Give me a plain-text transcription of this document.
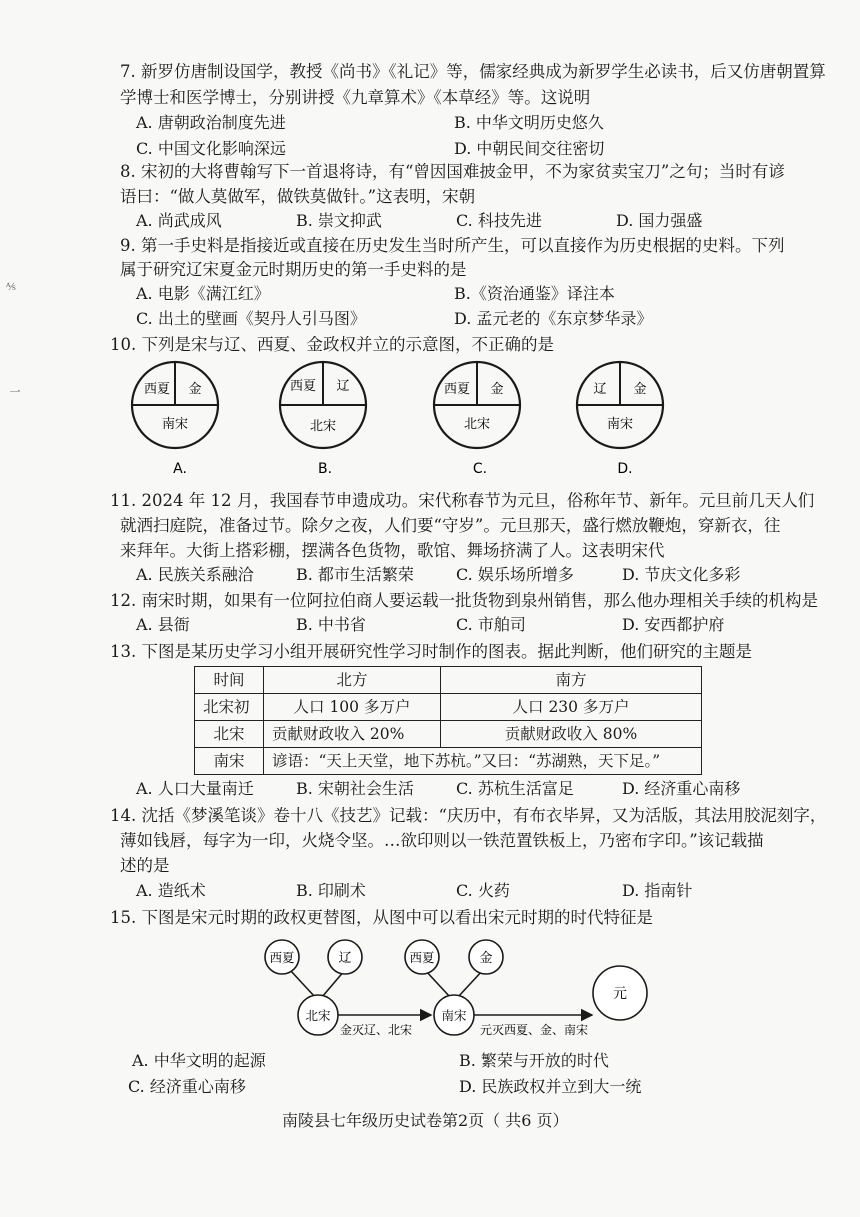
⅍
一
7. 新罗仿唐制设国学，教授《尚书》《礼记》等，儒家经典成为新罗学生必读书，后又仿唐朝置算
学博士和医学博士，分别讲授《九章算术》《本草经》等。这说明
A. 唐朝政治制度先进	B. 中华文明历史悠久
C. 中国文化影响深远	D. 中朝民间交往密切
8. 宋初的大将曹翰写下一首退将诗，有“曾因国难披金甲，不为家贫卖宝刀”之句；当时有谚
语曰：“做人莫做军，做铁莫做针。”这表明，宋朝
A. 尚武成风	B. 崇文抑武	C. 科技先进	D. 国力强盛
9. 第一手史料是指接近或直接在历史发生当时所产生，可以直接作为历史根据的史料。下列
属于研究辽宋夏金元时期历史的第一手史料的是
A. 电影《满江红》	B.《资治通鉴》译注本
C. 出土的壁画《契丹人引马图》	D. 孟元老的《东京梦华录》
10. 下列是宋与辽、西夏、金政权并立的示意图，不正确的是
西夏 金
南宋
A.
西夏 辽
北宋
B.
西夏 金
北宋
C.
辽 金
南宋
D.
11. 2024 年 12 月，我国春节申遗成功。宋代称春节为元旦，俗称年节、新年。元旦前几天人们
就洒扫庭院，准备过节。除夕之夜，人们要“守岁”。元旦那天，盛行燃放鞭炮，穿新衣，往
来拜年。大街上搭彩棚，摆满各色货物，歌馆、舞场挤满了人。这表明宋代
A. 民族关系融洽	B. 都市生活繁荣	C. 娱乐场所增多	D. 节庆文化多彩
12. 南宋时期，如果有一位阿拉伯商人要运载一批货物到泉州销售，那么他办理相关手续的机构是
A. 县衙	B. 中书省	C. 市舶司	D. 安西都护府
13. 下图是某历史学习小组开展研究性学习时制作的图表。据此判断，他们研究的主题是
时间	北方	南方
北宋初	人口 100 多万户	人口 230 多万户
北宋	贡献财政收入 20%	贡献财政收入 80%
南宋	谚语：“天上天堂，地下苏杭。”又曰：“苏湖熟，天下足。”	
A. 人口大量南迁	B. 宋朝社会生活	C. 苏杭生活富足	D. 经济重心南移
14. 沈括《梦溪笔谈》卷十八《技艺》记载：“庆历中，有布衣毕昇，又为活版，其法用胶泥刻字，
薄如钱唇，每字为一印，火烧令坚。…欲印则以一铁范置铁板上，乃密布字印。”该记载描
述的是
A. 造纸术	B. 印刷术	C. 火药	D. 指南针
15. 下图是宋元时期的政权更替图，从图中可以看出宋元时期的时代特征是
西夏	辽
北宋
西夏	金
南宋
元
金灭辽、北宋	元灭西夏、金、南宋
A. 中华文明的起源	B. 繁荣与开放的时代
C. 经济重心南移	D. 民族政权并立到大一统
南陵县七年级历史试卷第2页（ 共6 页）
